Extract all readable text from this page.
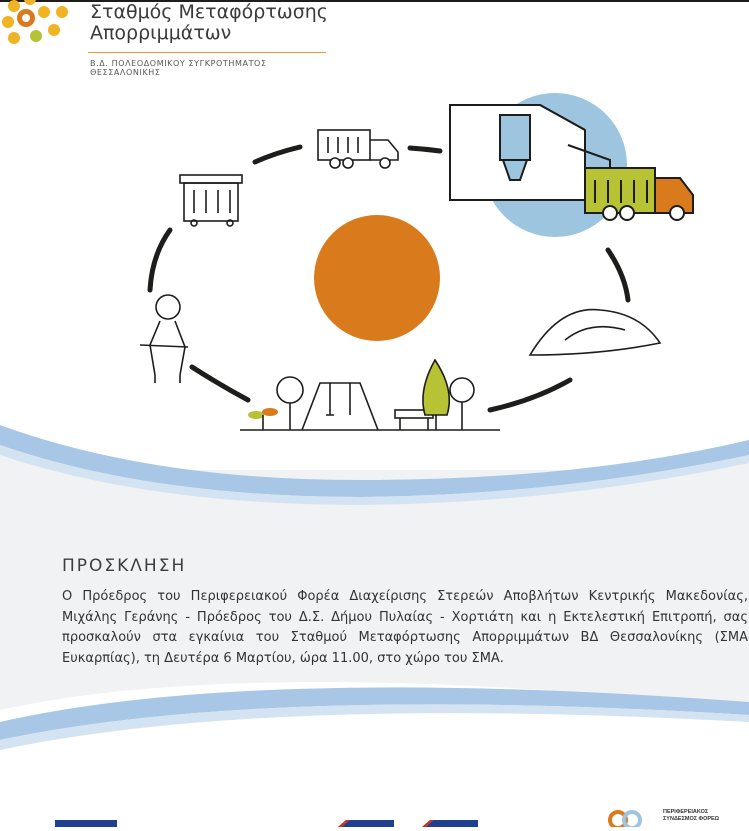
Σταθμός Μεταφόρτωσης
Απορριμμάτων
Β.Δ. ΠΟΛΕΟΔΟΜΙΚΟΥ ΣΥΓΚΡΟΤΗΜΑΤΟΣ
ΘΕΣΣΑΛΟΝΙΚΗΣ
ΠΡΟΣΚΛΗΣΗ

Ο Πρόεδρος του Περιφερειακού Φορέα Διαχείρισης Στερεών Αποβλήτων Κεντρικής Μακεδονίας, Μιχάλης Γεράνης - Πρόεδρος του Δ.Σ. Δήμου Πυλαίας - Χορτιάτη και η Εκτελεστική Επιτροπή, σας προσκαλούν στα εγκαίνια του Σταθμού Μεταφόρτωσης Απορριμμάτων ΒΔ Θεσσαλονίκης (ΣΜΑ Ευκαρπίας), τη Δευτέρα 6 Μαρτίου, ώρα 11.00, στο χώρο του ΣΜΑ.

ΠΕΡΙΦΕΡΕΙΑΚΟΣ
ΣΥΝΔΕΣΜΟΣ ΦΟΡΕΩ
